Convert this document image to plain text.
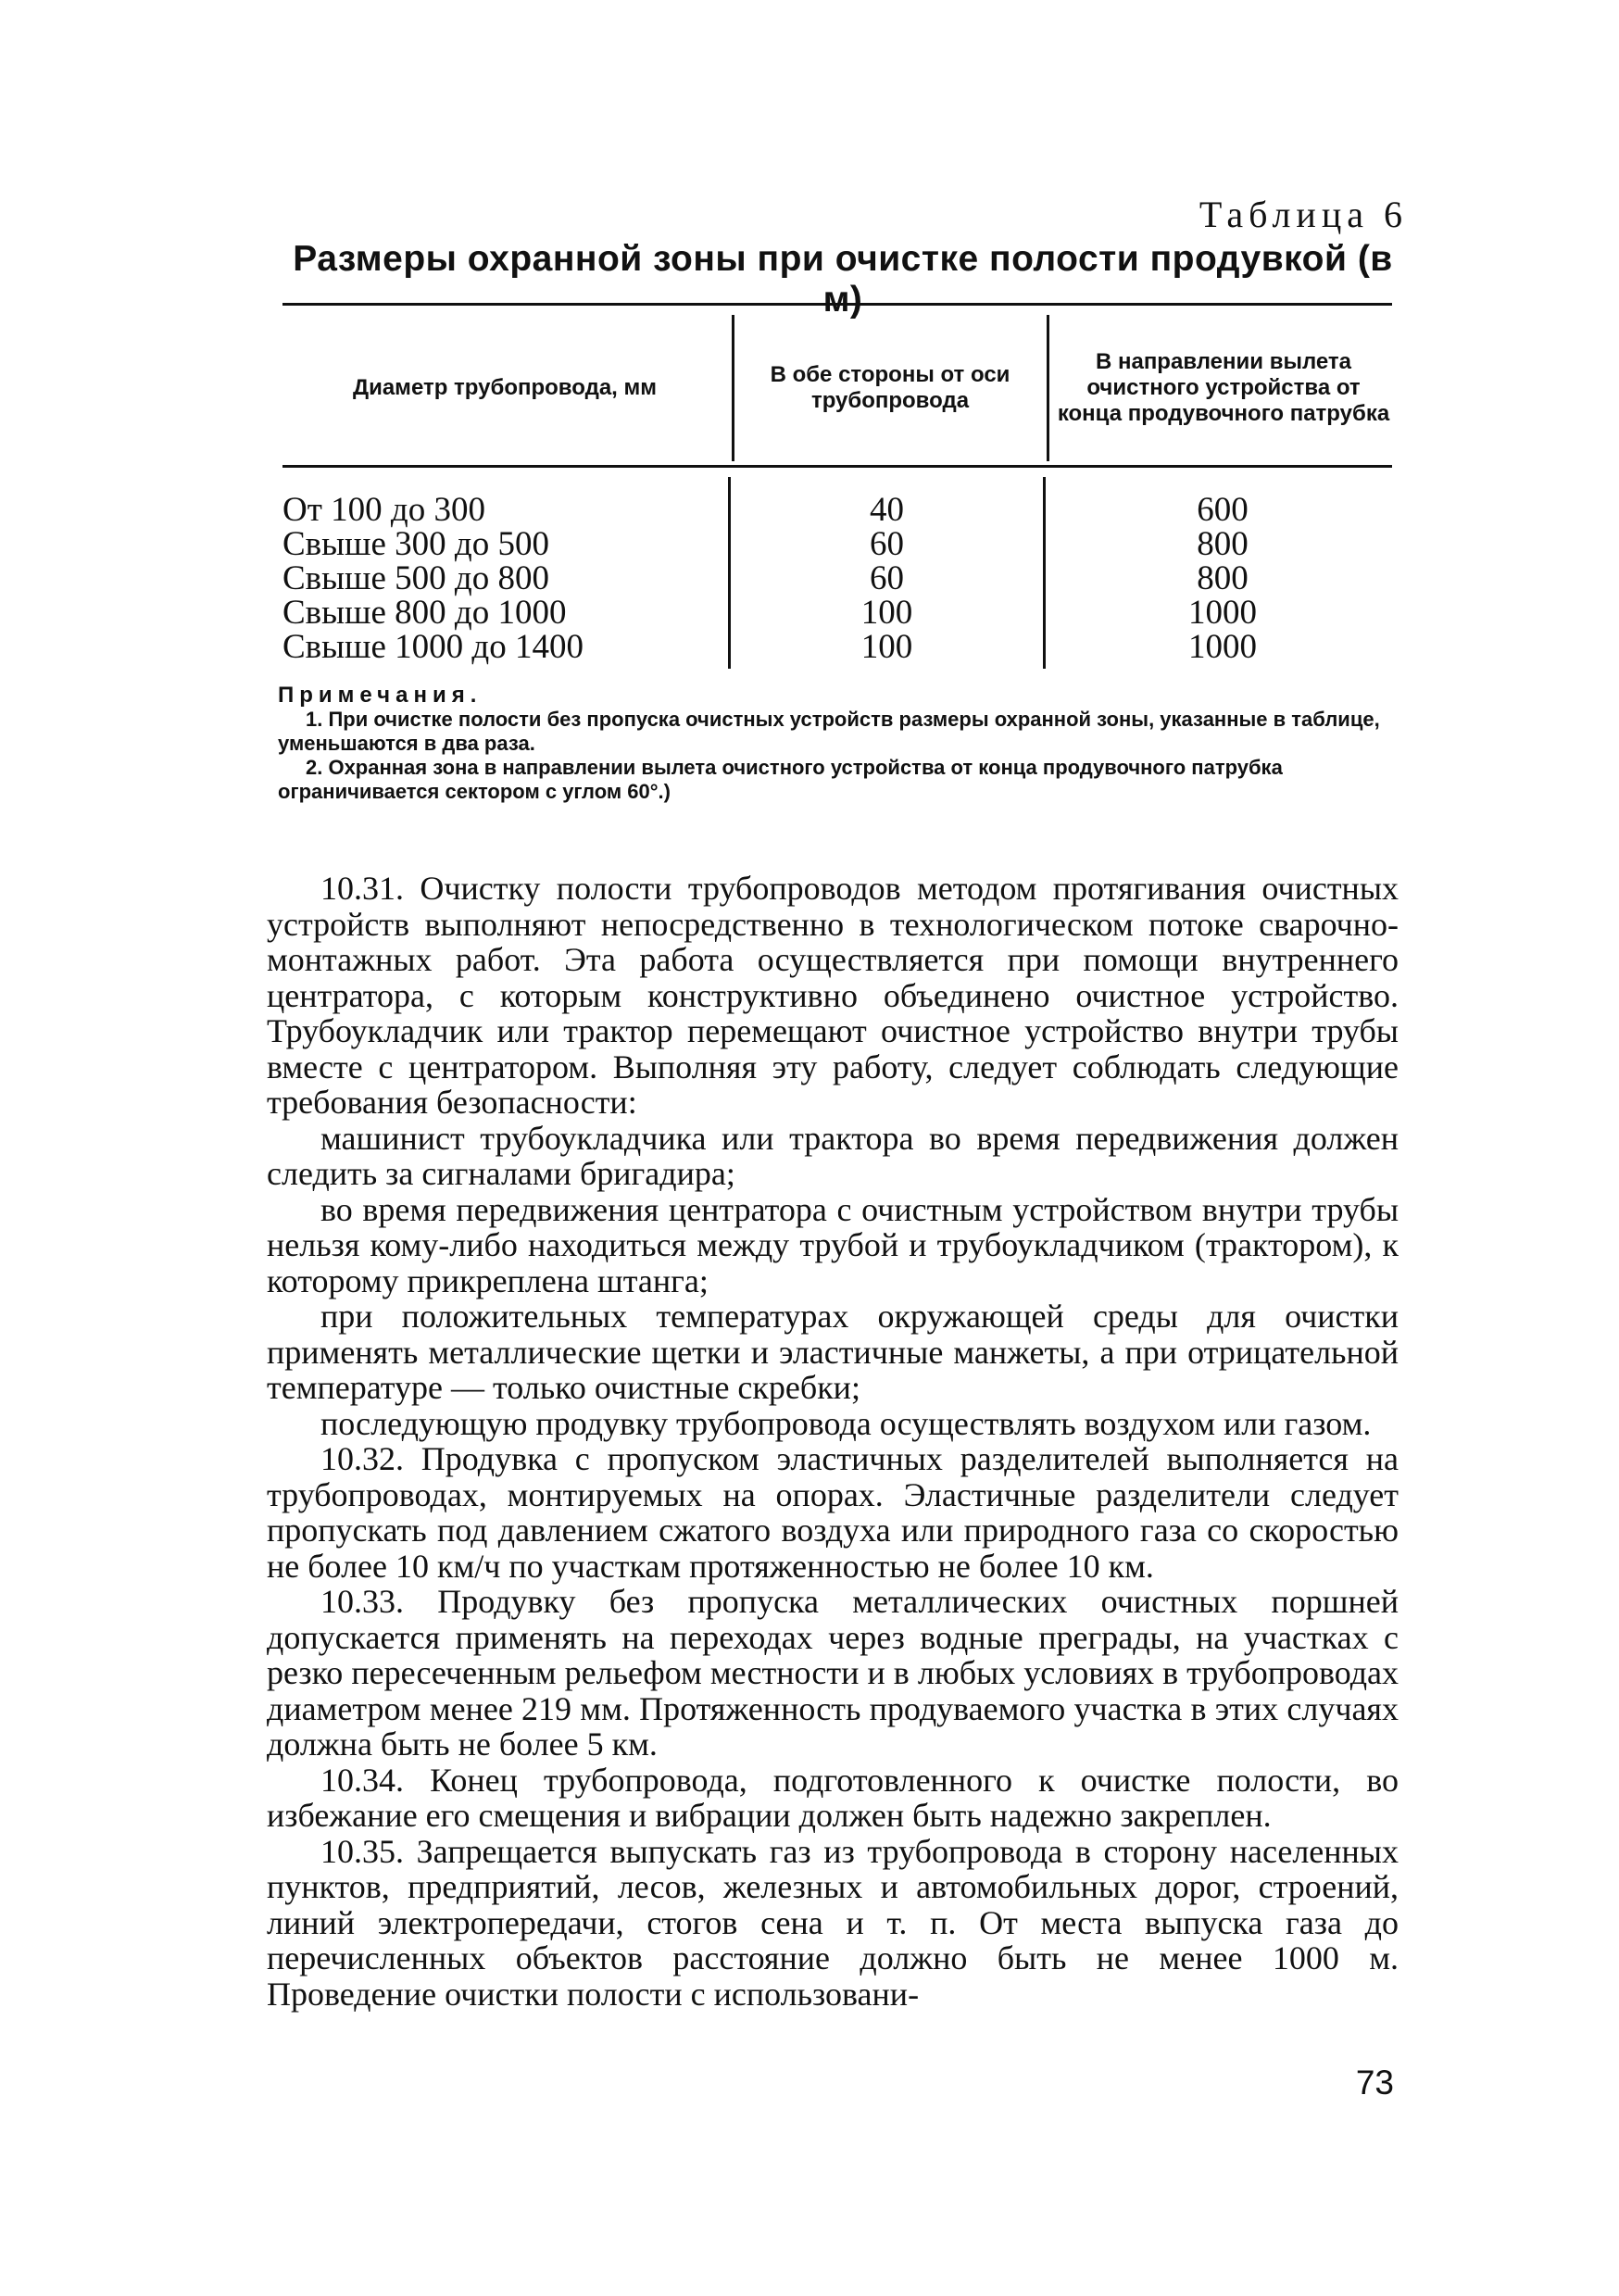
Таблица 6
Размеры охранной зоны при очистке полости продувкой (в м)
Диаметр трубопровода, мм
В обе стороны от оси трубопровода
В направлении вылета очистного устройства от конца продувочного патрубка
От 100 до 300
Свыше 300 до 500
Свыше 500 до 800
Свыше 800 до 1000
Свыше 1000 до 1400
40
60
60
100
100
600
800
800
1000
1000
Примечания.
1. При очистке полости без пропуска очистных устройств размеры охранной зоны, указанные в таблице, уменьшаются в два раза.
2. Охранная зона в направлении вылета очистного устройства от конца продувочного патрубка ограничивается сектором с углом 60°.)

10.31. Очистку полости трубопроводов методом протягивания очистных устройств выполняют непосредственно в технологическом потоке сварочно-монтажных работ. Эта работа осуществляется при помощи внутреннего центратора, с которым конструктивно объединено очистное устройство. Трубоукладчик или трактор перемещают очистное устройство внутри трубы вместе с центратором. Выполняя эту работу, следует соблюдать следующие требования безопасности:

машинист трубоукладчика или трактора во время передвижения должен следить за сигналами бригадира;

во время передвижения центратора с очистным устройством внутри трубы нельзя кому-либо находиться между трубой и трубоукладчиком (трактором), к которому прикреплена штанга;

при положительных температурах окружающей среды для очистки применять металлические щетки и эластичные манжеты, а при отрицательной температуре — только очистные скребки;

последующую продувку трубопровода осуществлять воздухом или газом.

10.32. Продувка с пропуском эластичных разделителей выполняется на трубопроводах, монтируемых на опорах. Эластичные разделители следует пропускать под давлением сжатого воздуха или природного газа со скоростью не более 10 км/ч по участкам протяженностью не более 10 км.

10.33. Продувку без пропуска металлических очистных поршней допускается применять на переходах через водные преграды, на участках с резко пересеченным рельефом местности и в любых условиях в трубопроводах диаметром менее 219 мм. Протяженность продуваемого участка в этих случаях должна быть не более 5 км.

10.34. Конец трубопровода, подготовленного к очистке полости, во избежание его смещения и вибрации должен быть надежно закреплен.

10.35. Запрещается выпускать газ из трубопровода в сторону населенных пунктов, предприятий, лесов, железных и автомобильных дорог, строений, линий электропередачи, стогов сена и т. п. От места выпуска газа до перечисленных объектов расстояние должно быть не менее 1000 м. Проведение очистки полости с использовани-

73
